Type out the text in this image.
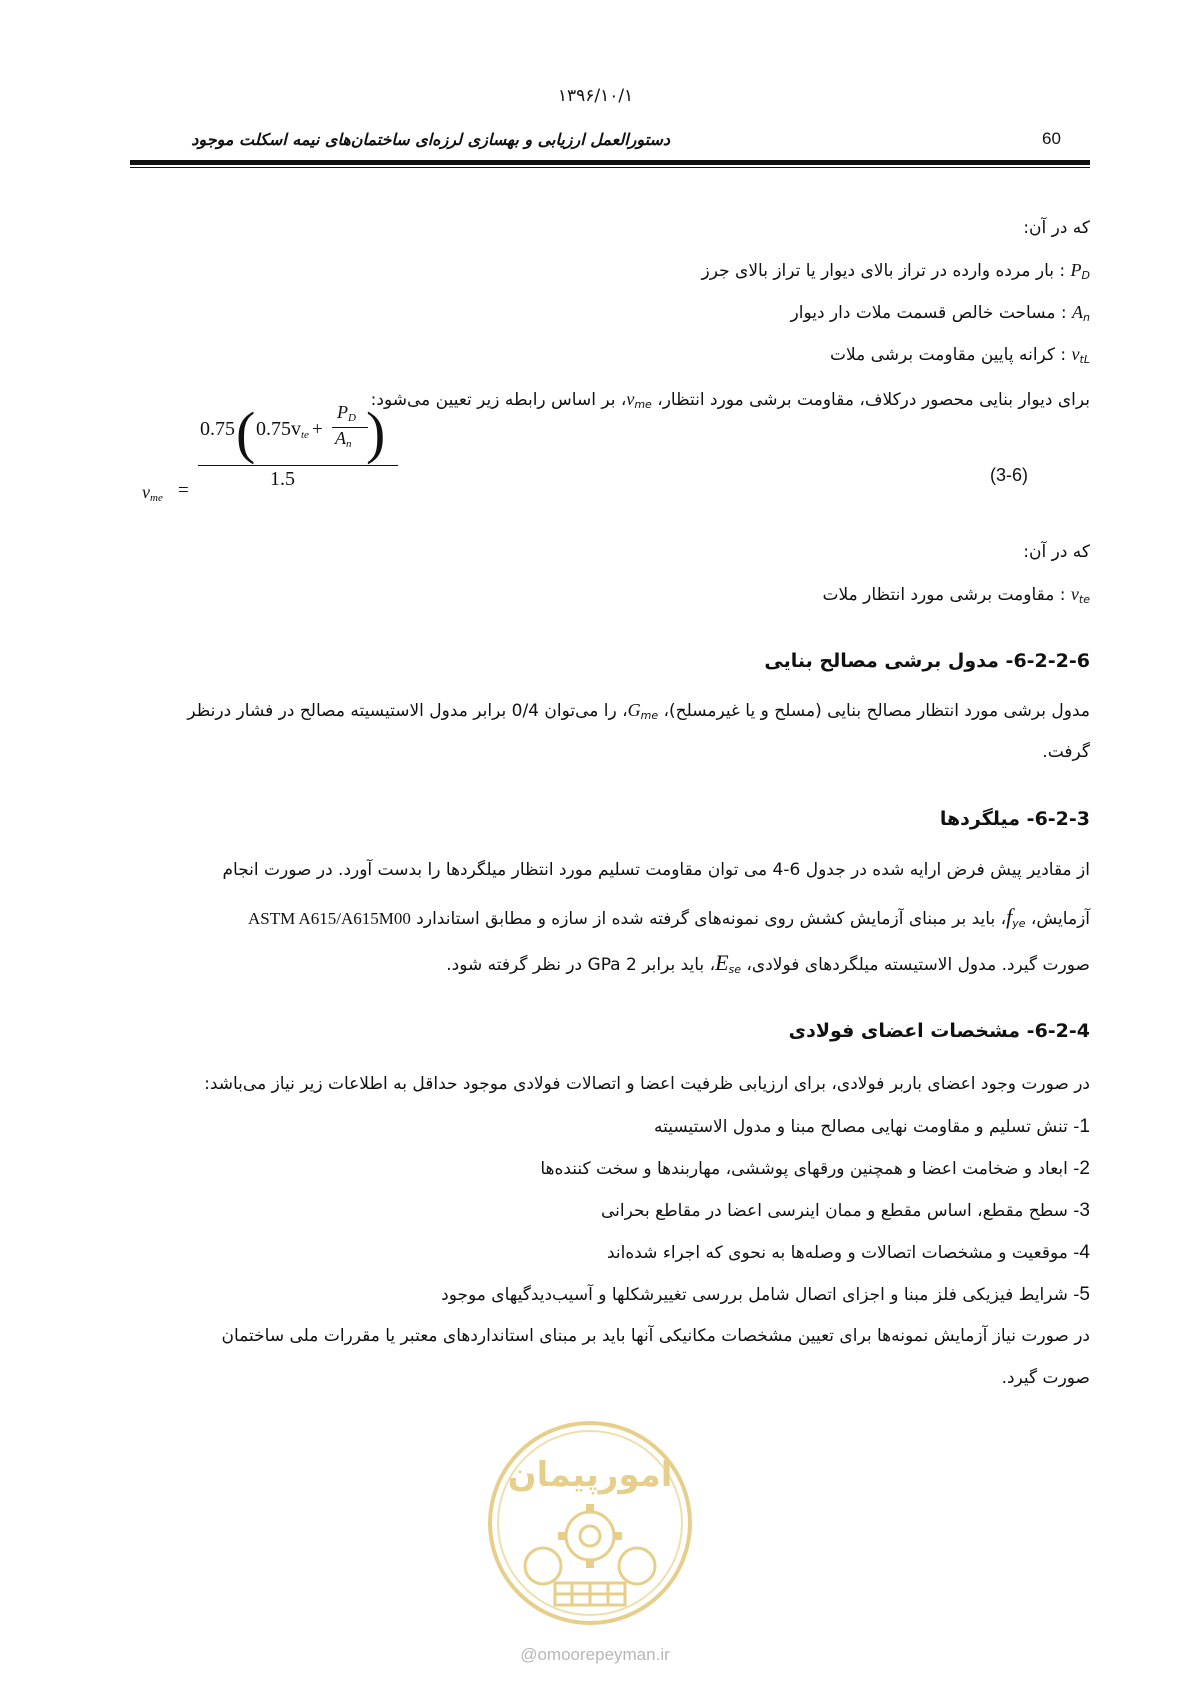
۱۳۹۶/۱۰/۱
دستورالعمل ارزیابی و بهسازی لرزه‌ای ساختمان‌های نیمه اسکلت موجود	60
که در آن:
$P_D$ : بار مرده وارده در تراز بالای دیوار یا تراز بالای جرز
$A_n$ : مساحت خالص قسمت ملات دار دیوار
$v_{tL}$ : کرانه پایین مقاومت برشی ملات
برای دیوار بنایی محصور درکلاف، مقاومت برشی مورد انتظار، $v_{me}،$ بر اساس رابطه زیر تعیین می‌شود:
$v_{me}$ =
0.75 ( $0.75v_{te}$ +
$P_D$
$A_n$ )
1.5	(3-6)
که در آن:
$v_{te}$ : مقاومت برشی مورد انتظار ملات
6-2-2-6- مدول برشی مصالح بنایی
مدول برشی مورد انتظار مصالح بنایی (مسلح و یا غیرمسلح)، $G_{me}،$ را می‌توان 0/4 برابر مدول الاستیسیته مصالح در فشار درنظر
گرفت.
6-2-3- میلگردها
از مقادیر پیش فرض ارایه شده در جدول 6-4 می توان مقاومت تسلیم مورد انتظار میلگردها را بدست آورد. در صورت انجام
آزمایش، $f_{ye}،$ باید بر مبنای آزمایش کشش روی نمونه‌های گرفته شده از سازه و مطابق استاندارد ASTM A615/A615M00
صورت گیرد. مدول الاستیسته میلگردهای فولادی، $E_{se}،$ باید برابر 2 GPa در نظر گرفته شود.
6-2-4- مشخصات اعضای فولادی
در صورت وجود اعضای باربر فولادی، برای ارزیابی ظرفیت اعضا و اتصالات فولادی موجود حداقل به اطلاعات زیر نیاز می‌باشد:
1- تنش تسلیم و مقاومت نهایی مصالح مبنا و مدول الاستیسیته
2- ابعاد و ضخامت اعضا و همچنین ورقهای پوششی، مهاربندها و سخت کننده‌ها
3- سطح مقطع، اساس مقطع و ممان اینرسی اعضا در مقاطع بحرانی
4- موقعیت و مشخصات اتصالات و وصله‌ها به نحوی که اجراء شده‌اند
5- شرایط فیزیکی فلز مبنا و اجزای اتصال شامل بررسی تغییرشکلها و آسیب‌دیدگیهای موجود
در صورت نیاز آزمایش نمونه‌ها برای تعیین مشخصات مکانیکی آنها باید بر مبنای استانداردهای معتبر یا مقررات ملی ساختمان
صورت گیرد.
امورپیمان
@omoorepeyman.ir
